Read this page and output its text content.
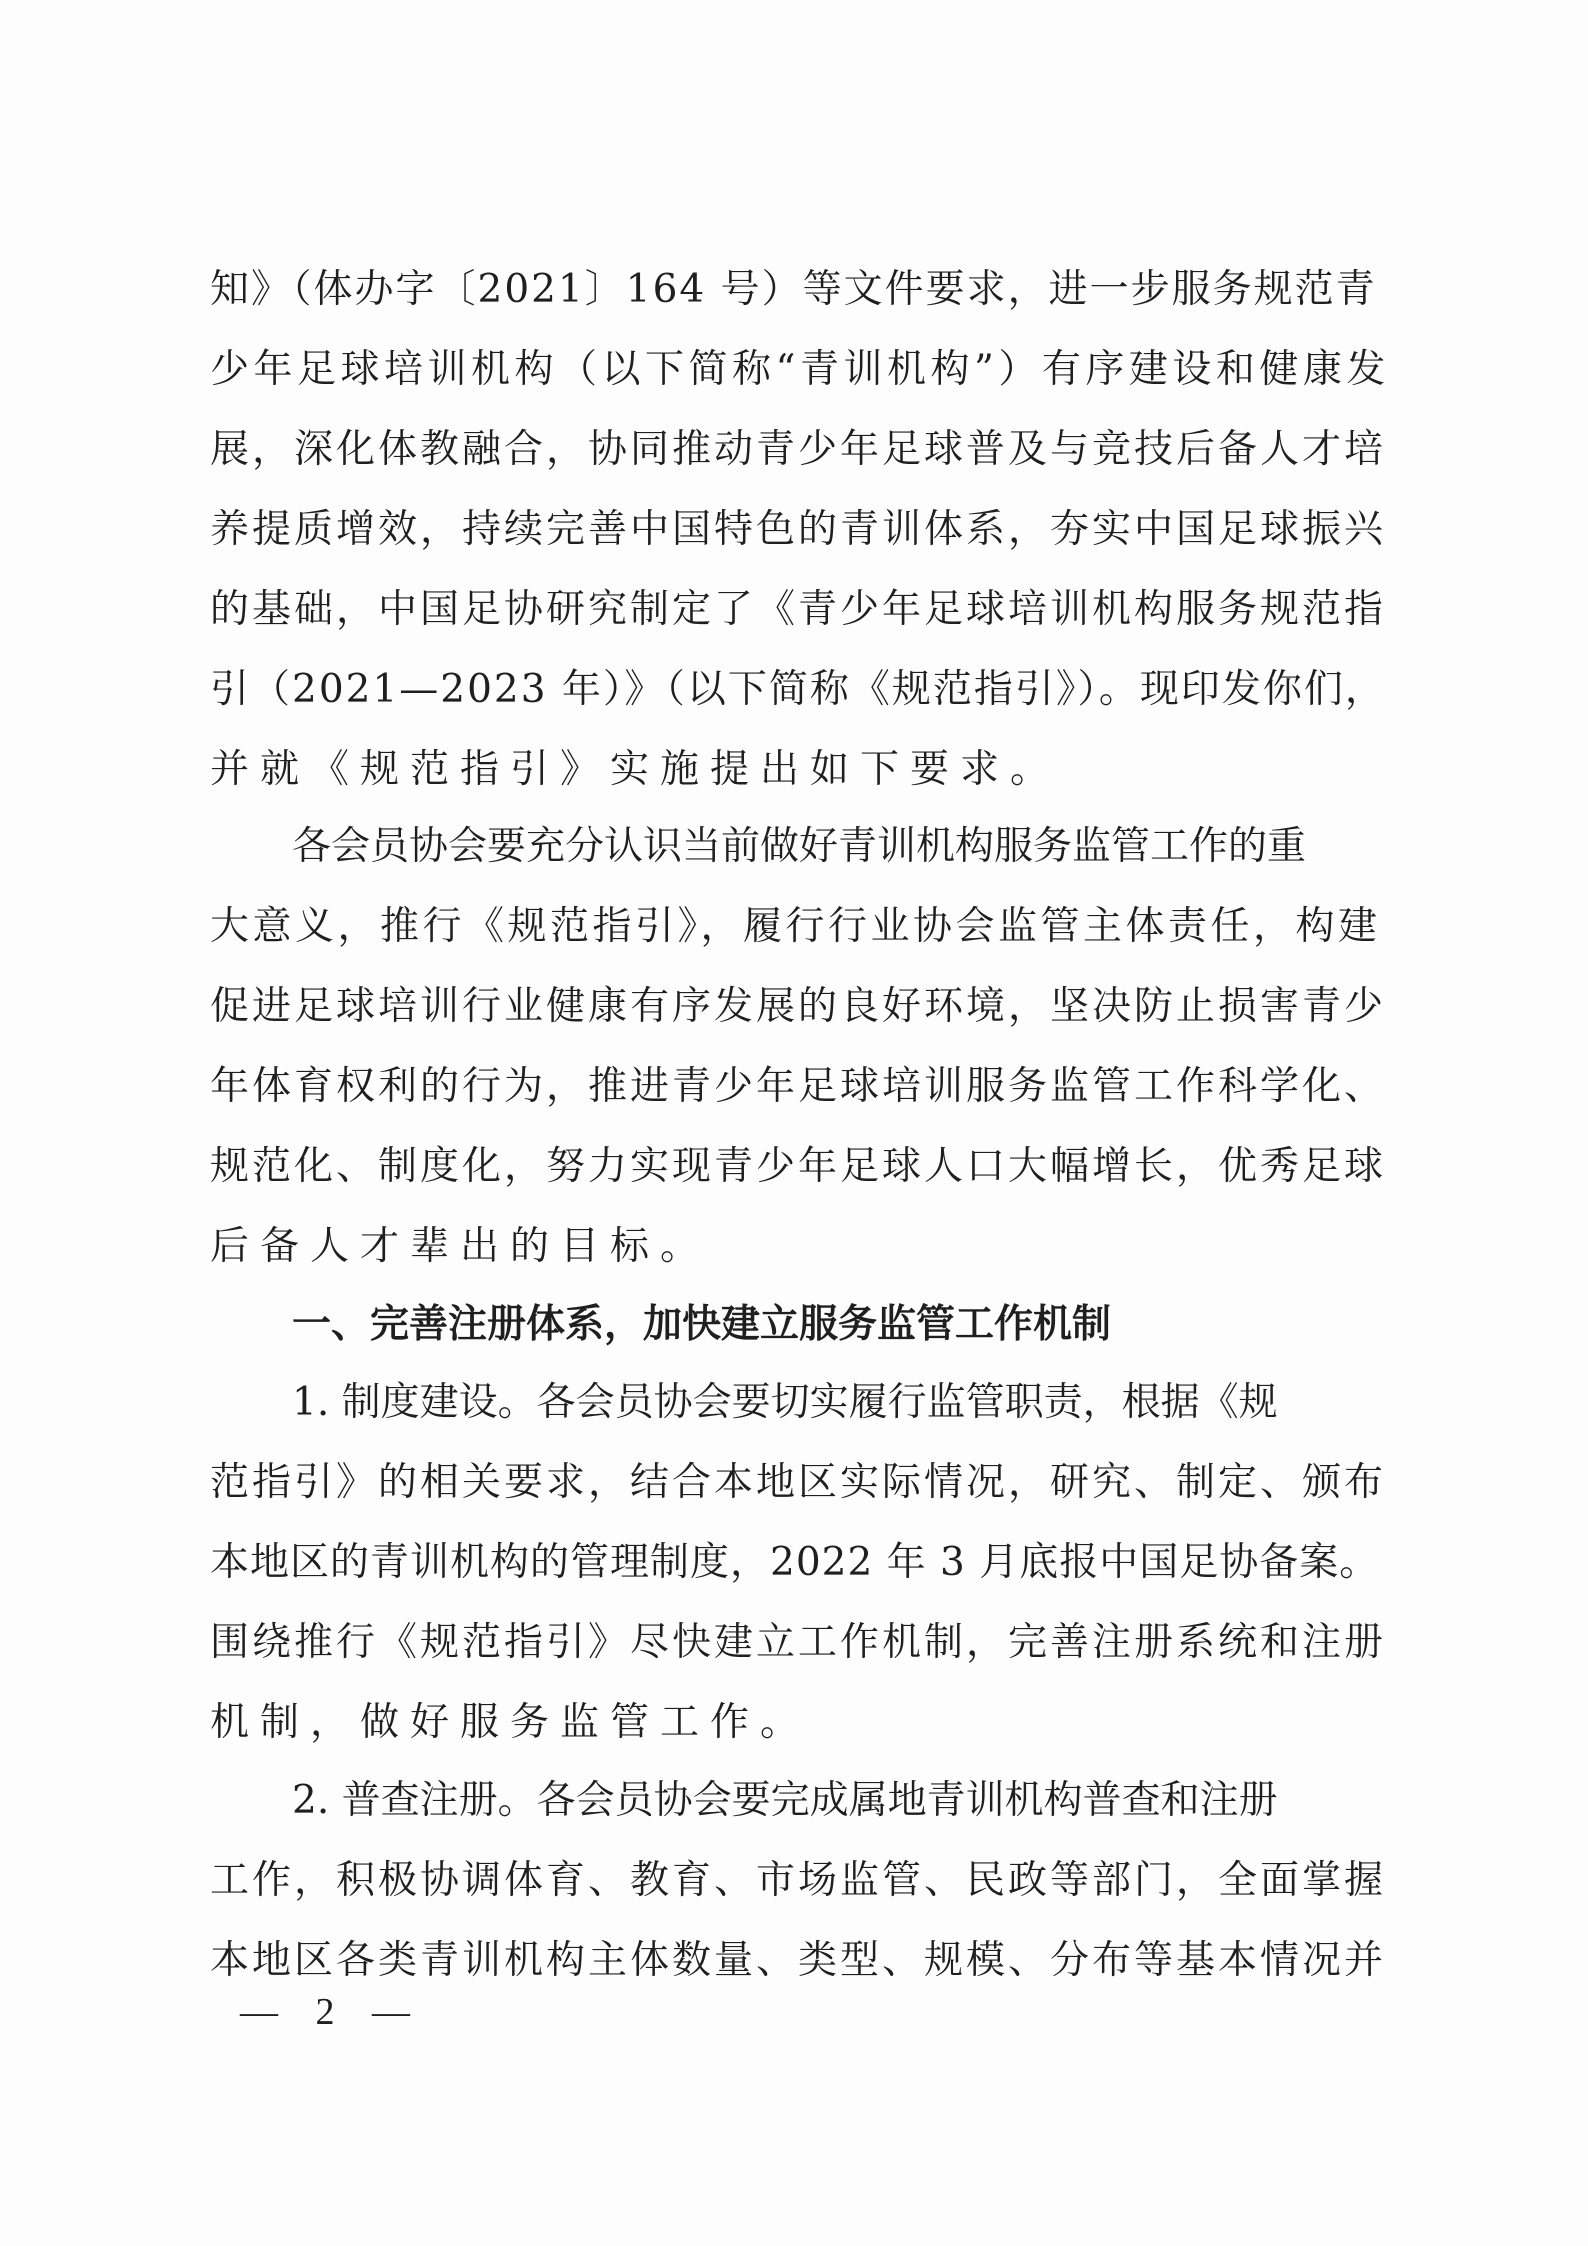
知》（体办字〔2021〕164 号）等文件要求，进一步服务规范青
少年足球培训机构（以下简称“青训机构”）有序建设和健康发
展，深化体教融合，协同推动青少年足球普及与竞技后备人才培
养提质增效，持续完善中国特色的青训体系，夯实中国足球振兴
的基础，中国足协研究制定了《青少年足球培训机构服务规范指
引（2021—2023 年）》（以下简称《规范指引》）。现印发你们，
并就《规范指引》实施提出如下要求。
各会员协会要充分认识当前做好青训机构服务监管工作的重
大意义，推行《规范指引》，履行行业协会监管主体责任，构建
促进足球培训行业健康有序发展的良好环境，坚决防止损害青少
年体育权利的行为，推进青少年足球培训服务监管工作科学化、
规范化、制度化，努力实现青少年足球人口大幅增长，优秀足球
后备人才辈出的目标。
一、完善注册体系，加快建立服务监管工作机制
1. 制度建设。各会员协会要切实履行监管职责，根据《规
范指引》的相关要求，结合本地区实际情况，研究、制定、颁布
本地区的青训机构的管理制度，2022 年 3 月底报中国足协备案。
围绕推行《规范指引》尽快建立工作机制，完善注册系统和注册
机制，做好服务监管工作。
2. 普查注册。各会员协会要完成属地青训机构普查和注册
工作，积极协调体育、教育、市场监管、民政等部门，全面掌握
本地区各类青训机构主体数量、类型、规模、分布等基本情况并
— 2 —
